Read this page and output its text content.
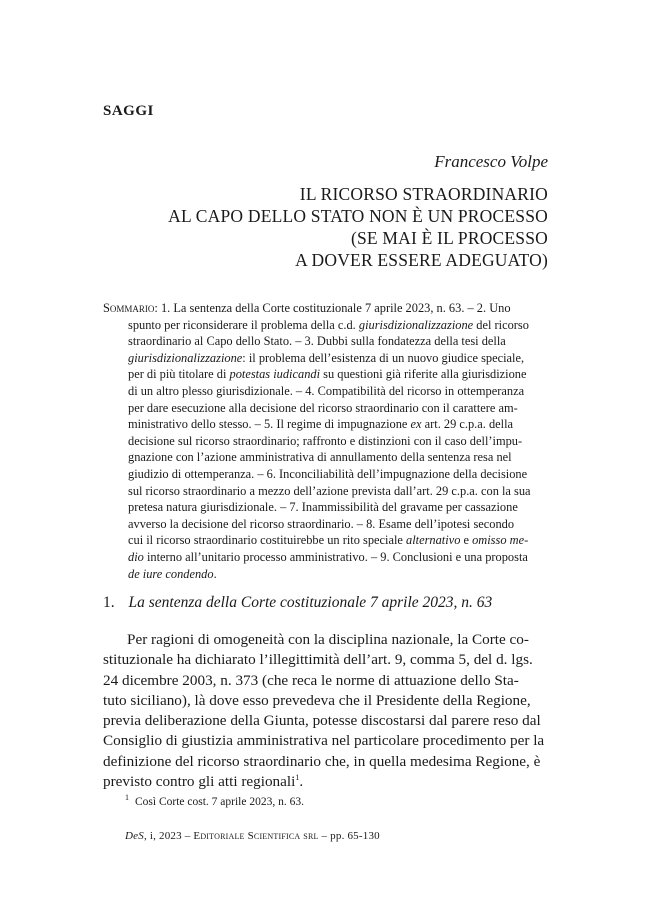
SAGGI
Francesco Volpe
IL RICORSO STRAORDINARIO
AL CAPO DELLO STATO NON È UN PROCESSO
(SE MAI È IL PROCESSO
A DOVER ESSERE ADEGUATO)
Sommario: 1. La sentenza della Corte costituzionale 7 aprile 2023, n. 63. – 2. Uno
spunto per riconsiderare il problema della c.d. giurisdizionalizzazione del ricorso
straordinario al Capo dello Stato. – 3. Dubbi sulla fondatezza della tesi della
giurisdizionalizzazione: il problema dell’esistenza di un nuovo giudice speciale,
per di più titolare di potestas iudicandi su questioni già riferite alla giurisdizione
di un altro plesso giurisdizionale. – 4. Compatibilità del ricorso in ottemperanza
per dare esecuzione alla decisione del ricorso straordinario con il carattere am-
ministrativo dello stesso. – 5. Il regime di impugnazione ex art. 29 c.p.a. della
decisione sul ricorso straordinario; raffronto e distinzioni con il caso dell’impu-
gnazione con l’azione amministrativa di annullamento della sentenza resa nel
giudizio di ottemperanza. – 6. Inconciliabilità dell’impugnazione della decisione
sul ricorso straordinario a mezzo dell’azione prevista dall’art. 29 c.p.a. con la sua
pretesa natura giurisdizionale. – 7. Inammissibilità del gravame per cassazione
avverso la decisione del ricorso straordinario. – 8. Esame dell’ipotesi secondo
cui il ricorso straordinario costituirebbe un rito speciale alternativo e omisso me-
dio interno all’unitario processo amministrativo. – 9. Conclusioni e una proposta
de iure condendo.
1. La sentenza della Corte costituzionale 7 aprile 2023, n. 63
Per ragioni di omogeneità con la disciplina nazionale, la Corte co-
stituzionale ha dichiarato l’illegittimità dell’art. 9, comma 5, del d. lgs.
24 dicembre 2003, n. 373 (che reca le norme di attuazione dello Sta-
tuto siciliano), là dove esso prevedeva che il Presidente della Regione,
previa deliberazione della Giunta, potesse discostarsi dal parere reso dal
Consiglio di giustizia amministrativa nel particolare procedimento per la
definizione del ricorso straordinario che, in quella medesima Regione, è
previsto contro gli atti regionali$^1$.
$^1$ Così Corte cost. 7 aprile 2023, n. 63.
DeS, i, 2023 – Editoriale Scientifica srl – pp. 65-130
